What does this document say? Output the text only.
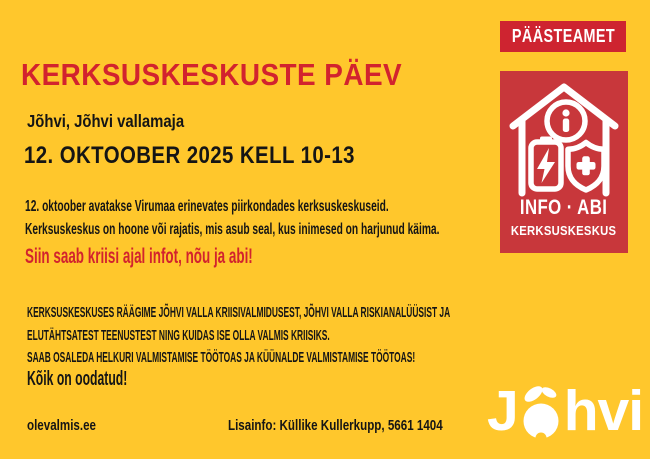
KERKSUSKESKUSTE PÄEV
Jõhvi, Jõhvi vallamaja
12. OKTOOBER 2025 KELL 10-13
12. oktoober avatakse Virumaa erinevates piirkondades kerksuskeskuseid.
Kerksuskeskus on hoone või rajatis, mis asub seal, kus inimesed on harjunud käima.
Siin saab kriisi ajal infot, nõu ja abi!
KERKSUSKESKUSES RÄÄGIME JÕHVI VALLA KRIISIVALMIDUSEST, JÕHVI VALLA RISKIANALÜÜSIST JA
ELUTÄHTSATEST TEENUSTEST NING KUIDAS ISE OLLA VALMIS KRIISIKS.
SAAB OSALEDA HELKURI VALMISTAMISE TÖÖTOAS JA KÜÜNALDE VALMISTAMISE TÖÖTOAS!
Kõik on oodatud!
olevalmis.ee	Lisainfo: Küllike Kullerkupp, 5661 1404
PÄÄSTEAMET
INFO · ABI
KERKSUSKESKUS
J hvi
